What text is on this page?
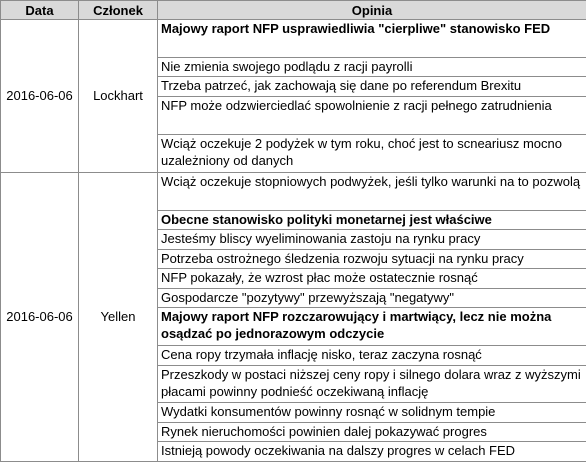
Data	Członek	Opinia
2016-06-06	Lockhart	Majowy raport NFP usprawiedliwia "cierpliwe" stanowisko FED
		Nie zmienia swojego podlądu z racji payrolli
		Trzeba patrzeć, jak zachowają się dane po referendum Brexitu
		NFP może odzwierciedlać spowolnienie z racji pełnego zatrudnienia
		Wciąż oczekuje 2 podyżek w tym roku, choć jest to scneariusz mocno uzależniony od danych
2016-06-06	Yellen	Wciąż oczekuje stopniowych podwyżek, jeśli tylko warunki na to pozwolą
		Obecne stanowisko polityki monetarnej jest właściwe
		Jesteśmy bliscy wyeliminowania zastoju na rynku pracy
		Potrzeba ostrożnego śledzenia rozwoju sytuacji na rynku pracy
		NFP pokazały, że wzrost płac może ostatecznie rosnąć
		Gospodarcze "pozytywy" przewyższają "negatywy"
		Majowy raport NFP rozczarowujący i martwiący, lecz nie można osądzać po jednorazowym odczycie
		Cena ropy trzymała inflację nisko, teraz zaczyna rosnąć
		Przeszkody w postaci niższej ceny ropy i silnego dolara wraz z wyższymi płacami powinny podnieść oczekiwaną inflację
		Wydatki konsumentów powinny rosnąć w solidnym tempie
		Rynek nieruchomości powinien dalej pokazywać progres
		Istnieją powody oczekiwania na dalszy progres w celach FED
